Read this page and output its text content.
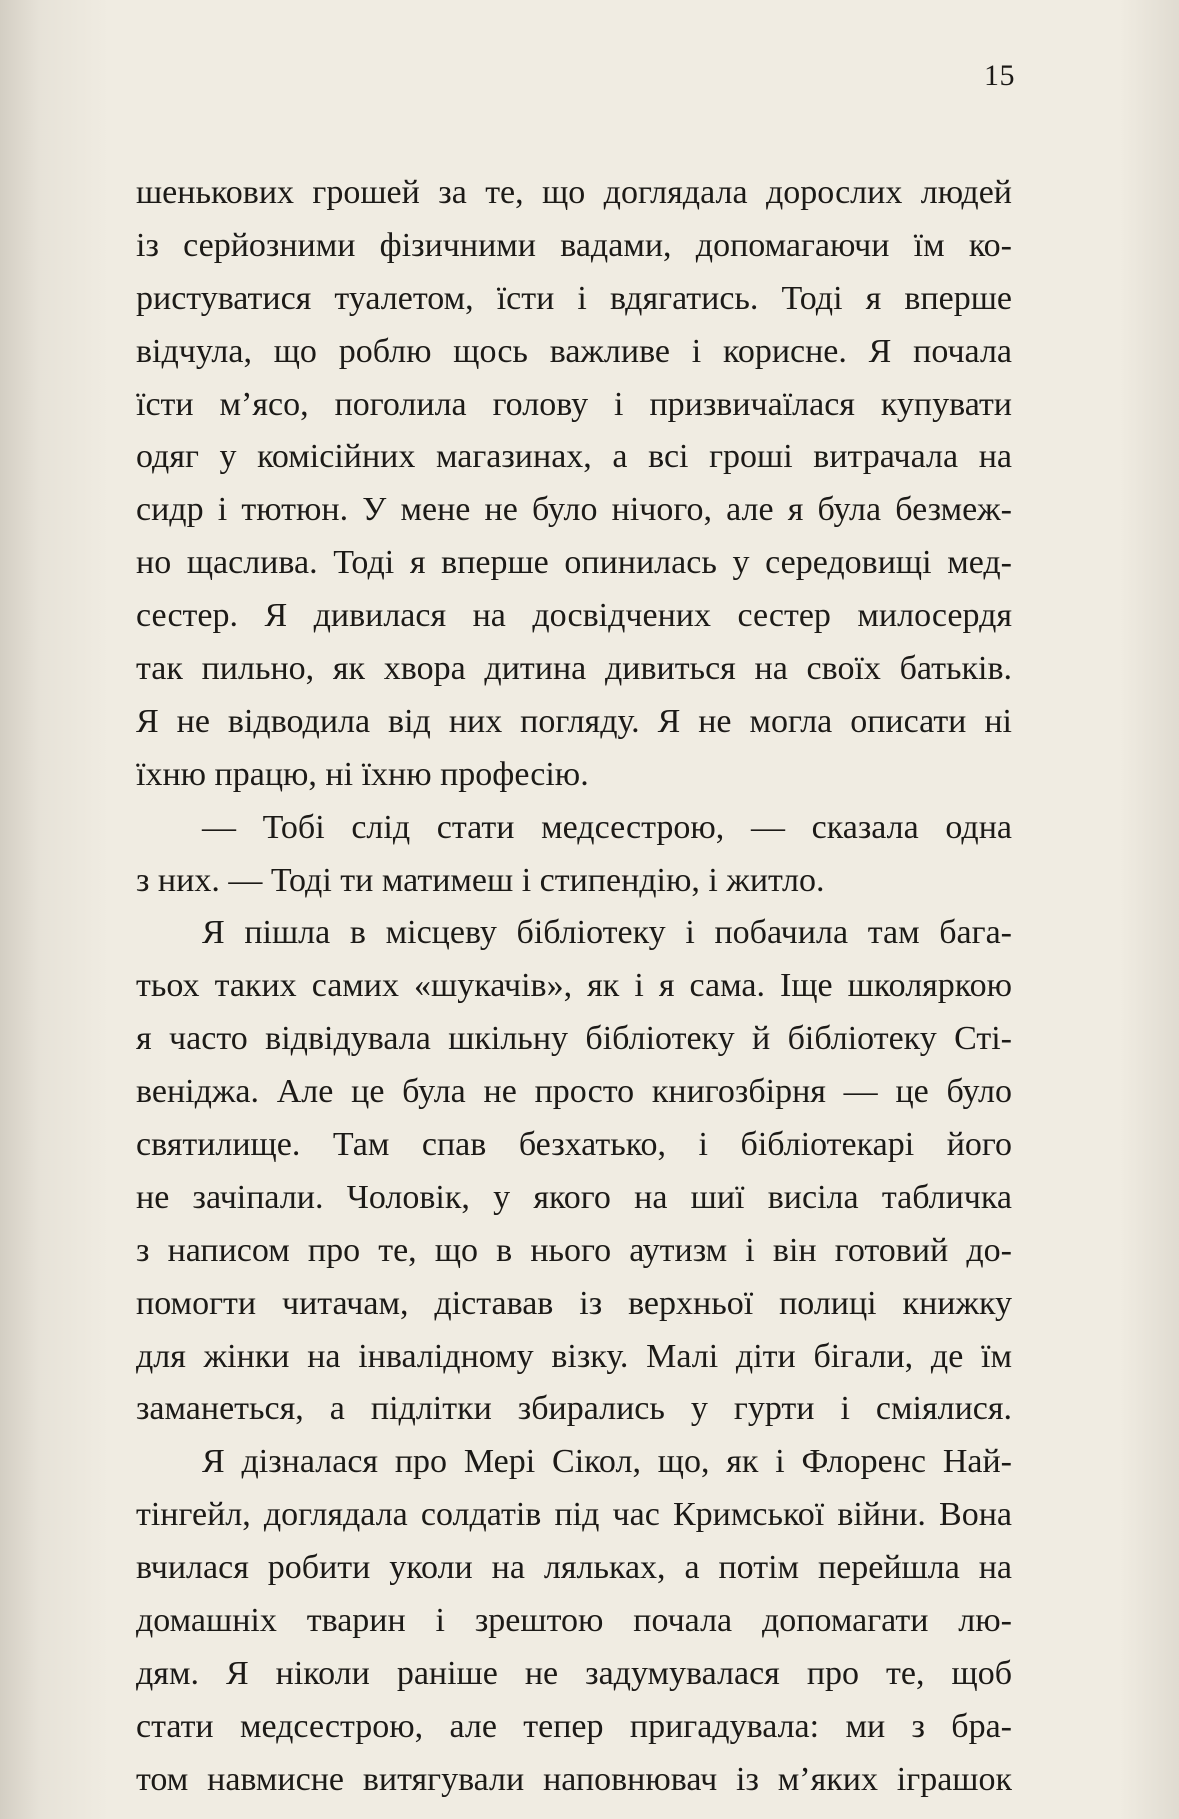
15
шенькових грошей за те, що доглядала дорослих людей
із серйозними фізичними вадами, допомагаючи їм ко-
ристуватися туалетом, їсти і вдягатись. Тоді я вперше
відчула, що роблю щось важливе і корисне. Я почала
їсти м’ясо, поголила голову і призвичаїлася купувати
одяг у комісійних магазинах, а всі гроші витрачала на
сидр і тютюн. У мене не було нічого, але я була безмеж-
но щаслива. Тоді я вперше опинилась у середовищі мед-
сестер. Я дивилася на досвідчених сестер милосердя
так пильно, як хвора дитина дивиться на своїх батьків.
Я не відводила від них погляду. Я не могла описати ні
їхню працю, ні їхню професію.
— Тобі слід стати медсестрою, — сказала одна
з них. — Тоді ти матимеш і стипендію, і житло.
Я пішла в місцеву бібліотеку і побачила там бага-
тьох таких самих «шукачів», як і я сама. Іще школяркою
я часто відвідувала шкільну бібліотеку й бібліотеку Сті-
веніджа. Але це була не просто книгозбірня — це було
святилище. Там спав безхатько, і бібліотекарі його
не зачіпали. Чоловік, у якого на шиї висіла табличка
з написом про те, що в нього аутизм і він готовий до-
помогти читачам, діставав із верхньої полиці книжку
для жінки на інвалідному візку. Малі діти бігали, де їм
заманеться, а підлітки збирались у гурти і сміялися.
Я дізналася про Мері Сікол, що, як і Флоренс Най-
тінгейл, доглядала солдатів під час Кримської війни. Вона
вчилася робити уколи на ляльках, а потім перейшла на
домашніх тварин і зрештою почала допомагати лю-
дям. Я ніколи раніше не задумувалася про те, щоб
стати медсестрою, але тепер пригадувала: ми з бра-
том навмисне витягували наповнювач із м’яких іграшок
